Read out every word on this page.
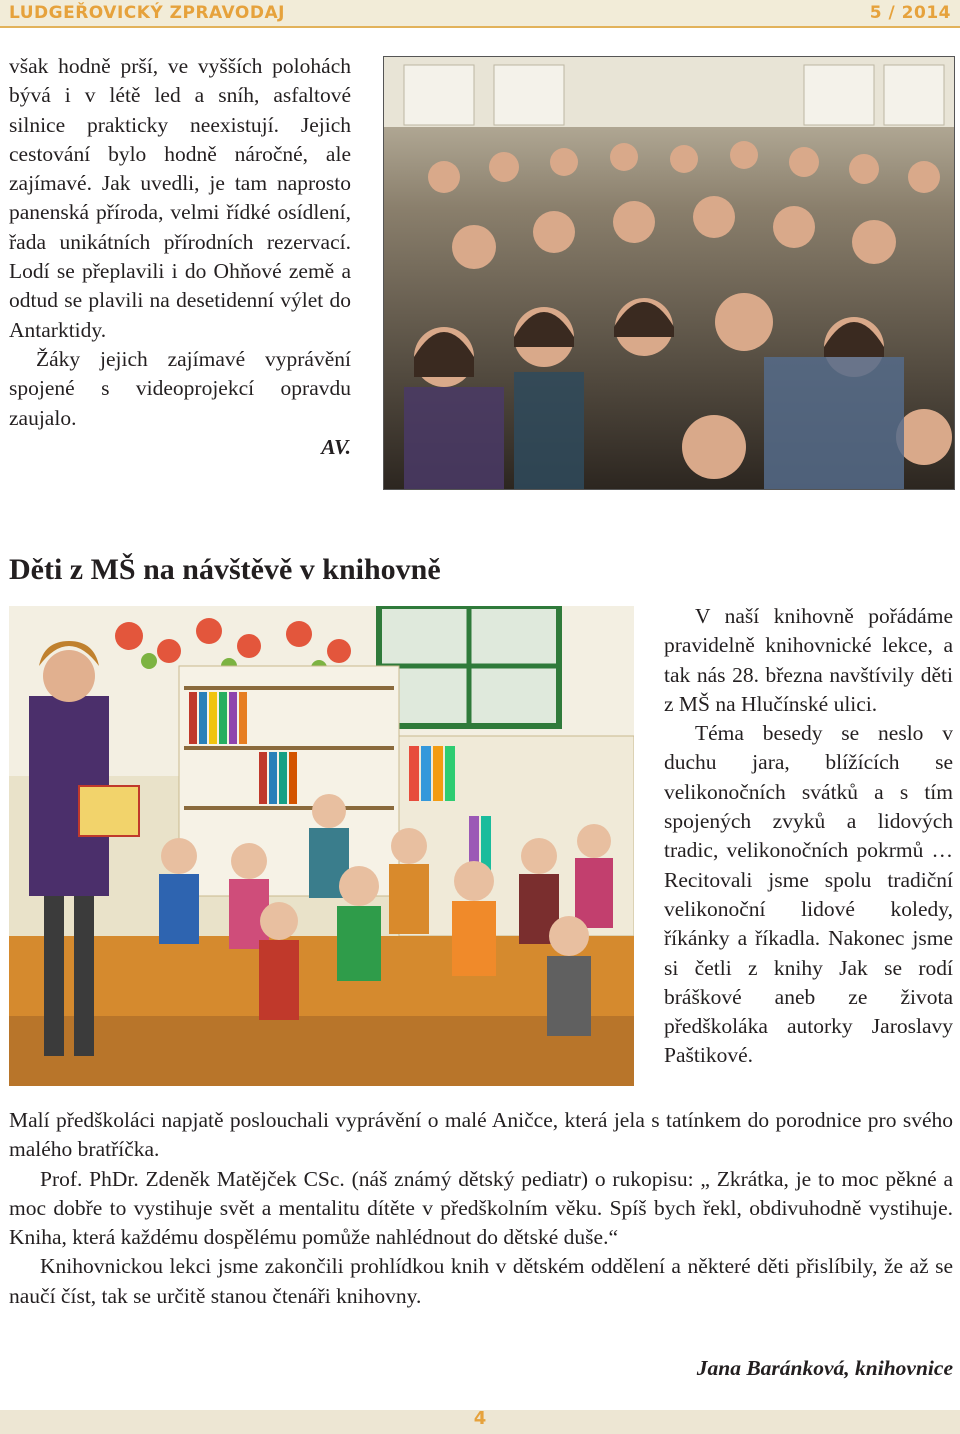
LUDGEŘOVICKÝ ZPRAVODAJ	5 / 2014

však hodně prší, ve vyšších polohách bývá i v létě led a sníh, asfaltové silnice prakticky neexistují. Jejich cestování bylo hodně náročné, ale zajímavé. Jak uvedli, je tam naprosto panenská příroda, velmi řídké osídlení, řada unikátních přírodních rezervací. Lodí se přeplavili i do Ohňové země a odtud se plavili na desetidenní výlet do Antarktidy.

Žáky jejich zajímavé vyprávění spojené s videoprojekcí opravdu zaujalo.

AV.

Děti z MŠ na návštěvě v knihovně

V naší knihovně pořádáme pravidelně knihovnické lekce, a tak nás 28. března navštívily děti z MŠ na Hlučínské ulici.

Téma besedy se neslo v duchu jara, blížících se velikonočních svátků a s tím spojených zvyků a lidových tradic, velikonočních pokrmů … Recitovali jsme spolu tradiční velikonoční lidové koledy, říkánky a říkadla. Nakonec jsme si četli z knihy Jak se rodí bráškové aneb ze života předškoláka autorky Jaroslavy Paštikové.

Malí předškoláci napjatě poslouchali vyprávění o malé Aničce, která jela s tatínkem do porodnice pro svého malého bratříčka.

Prof. PhDr. Zdeněk Matějček CSc. (náš známý dětský pediatr) o rukopisu: „ Zkrátka, je to moc pěkné a moc dobře to vystihuje svět a mentalitu dítěte v předškolním věku. Spíš bych řekl, obdivuhodně vystihuje. Kniha, která každému dospělému pomůže nahlédnout do dětské duše.“

Knihovnickou lekci jsme zakončili prohlídkou knih v dětském oddělení a některé děti přislíbily, že až se naučí číst, tak se určitě stanou čtenáři knihovny.

Jana Baránková, knihovnice
4
